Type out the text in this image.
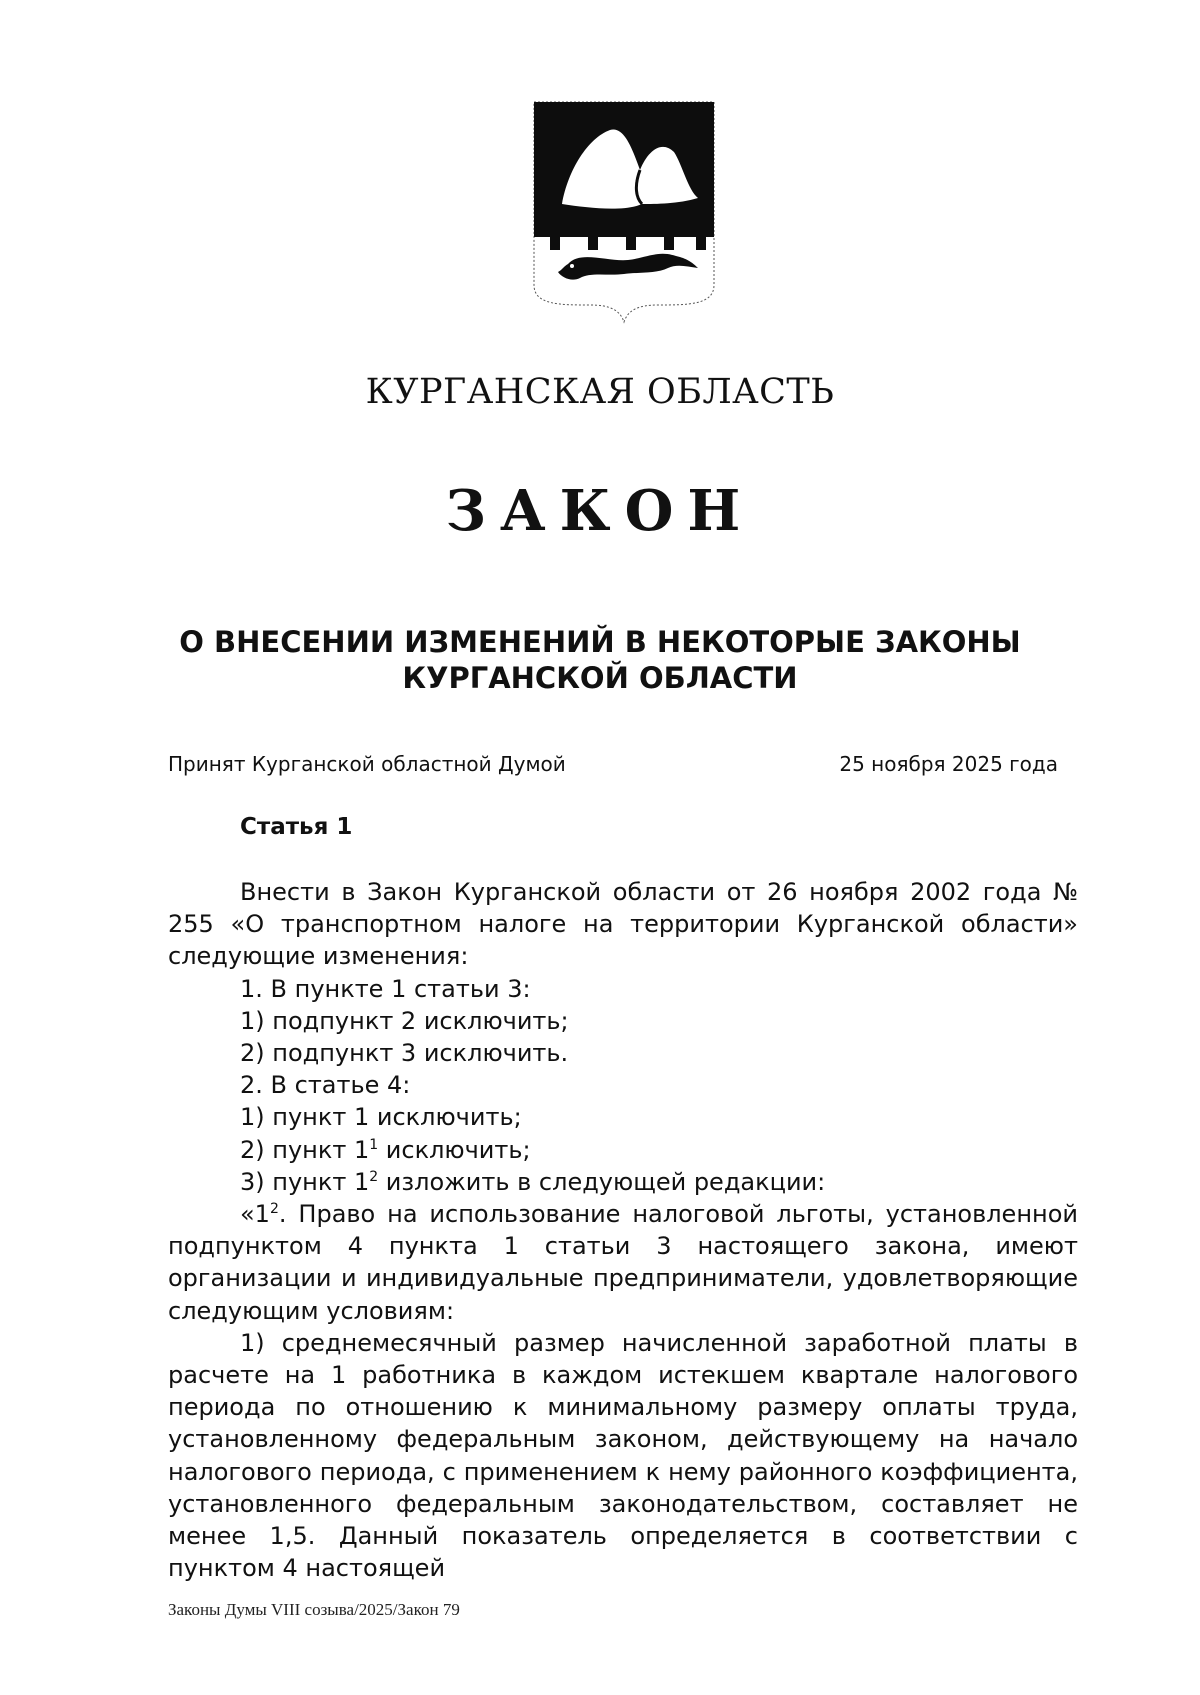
КУРГАНСКАЯ ОБЛАСТЬ
ЗАКОН
О ВНЕСЕНИИ ИЗМЕНЕНИЙ В НЕКОТОРЫЕ ЗАКОНЫ
КУРГАНСКОЙ ОБЛАСТИ
Принят Курганской областной Думой	25 ноября 2025 года
Статья 1

Внести в Закон Курганской области от 26 ноября 2002 года № 255 «О транспортном налоге на территории Курганской области» следующие изменения:

1. В пункте 1 статьи 3:

1) подпункт 2 исключить;

2) подпункт 3 исключить.

2. В статье 4:

1) пункт 1 исключить;

2) пункт $1^1$ исключить;

3) пункт $1^2$ изложить в следующей редакции:

«$1^2$. Право на использование налоговой льготы, установленной подпунктом 4 пункта 1 статьи 3 настоящего закона, имеют организации и индивидуальные предприниматели, удовлетворяющие следующим условиям:

1) среднемесячный размер начисленной заработной платы в расчете на 1 работника в каждом истекшем квартале налогового периода по отношению к минимальному размеру оплаты труда, установленному федеральным законом, действующему на начало налогового периода, с применением к нему районного коэффициента, установленного федеральным законодательством, составляет не менее 1,5. Данный показатель определяется в соответствии с пунктом 4 настоящей

Законы Думы VIII созыва/2025/Закон 79
